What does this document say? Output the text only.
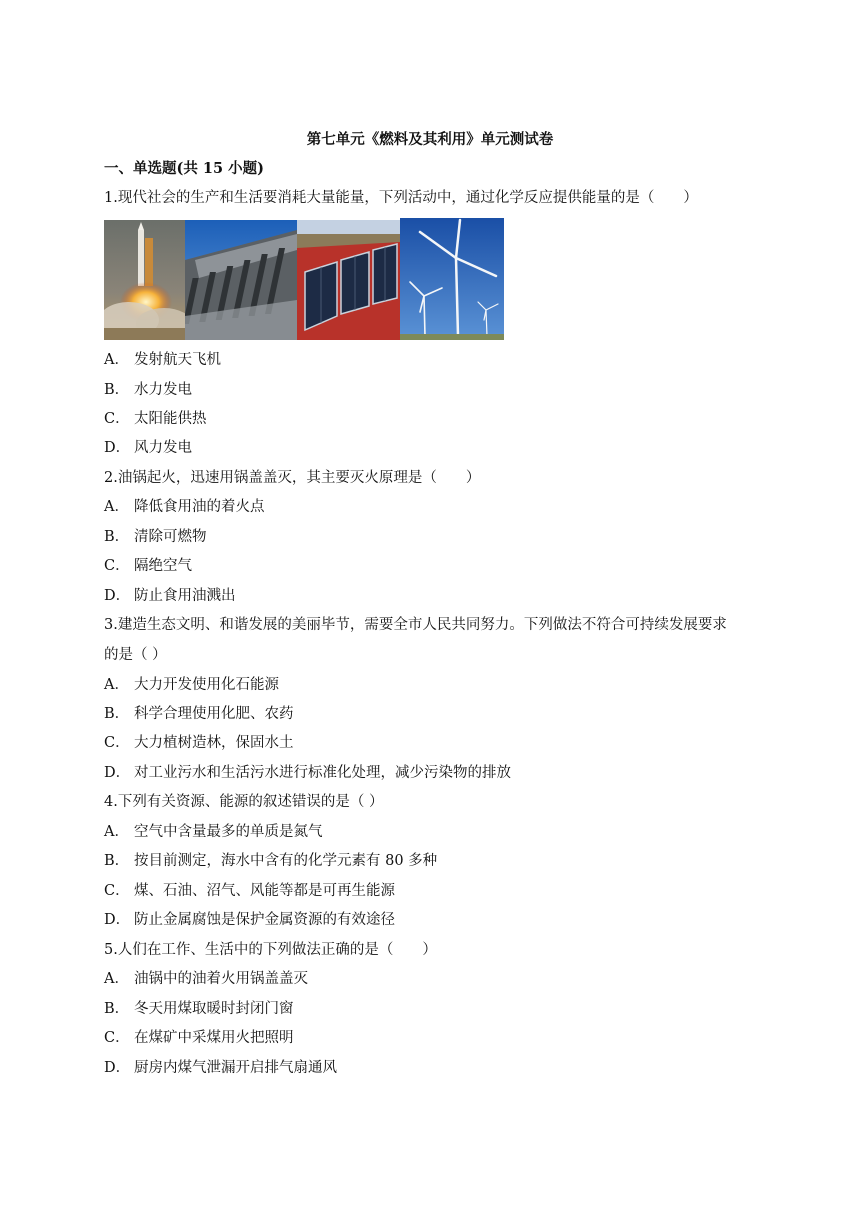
第七单元《燃料及其利用》单元测试卷
一、单选题(共 15 小题)
1.现代社会的生产和生活要消耗大量能量，下列活动中，通过化学反应提供能量的是（　　）
A． 发射航天飞机
B． 水力发电
C． 太阳能供热
D． 风力发电
2.油锅起火，迅速用锅盖盖灭，其主要灭火原理是（　　）
A． 降低食用油的着火点
B． 清除可燃物
C． 隔绝空气
D． 防止食用油溅出
3.建造生态文明、和谐发展的美丽毕节，需要全市人民共同努力。下列做法不符合可持续发展要求
的是（ ）
A． 大力开发使用化石能源
B． 科学合理使用化肥、农药
C． 大力植树造林，保固水土
D． 对工业污水和生活污水进行标准化处理，减少污染物的排放
4.下列有关资源、能源的叙述错误的是（ ）
A． 空气中含量最多的单质是氮气
B． 按目前测定，海水中含有的化学元素有 80 多种
C． 煤、石油、沼气、风能等都是可再生能源
D． 防止金属腐蚀是保护金属资源的有效途径
5.人们在工作、生活中的下列做法正确的是（　　）
A． 油锅中的油着火用锅盖盖灭
B． 冬天用煤取暖时封闭门窗
C． 在煤矿中采煤用火把照明
D． 厨房内煤气泄漏开启排气扇通风
